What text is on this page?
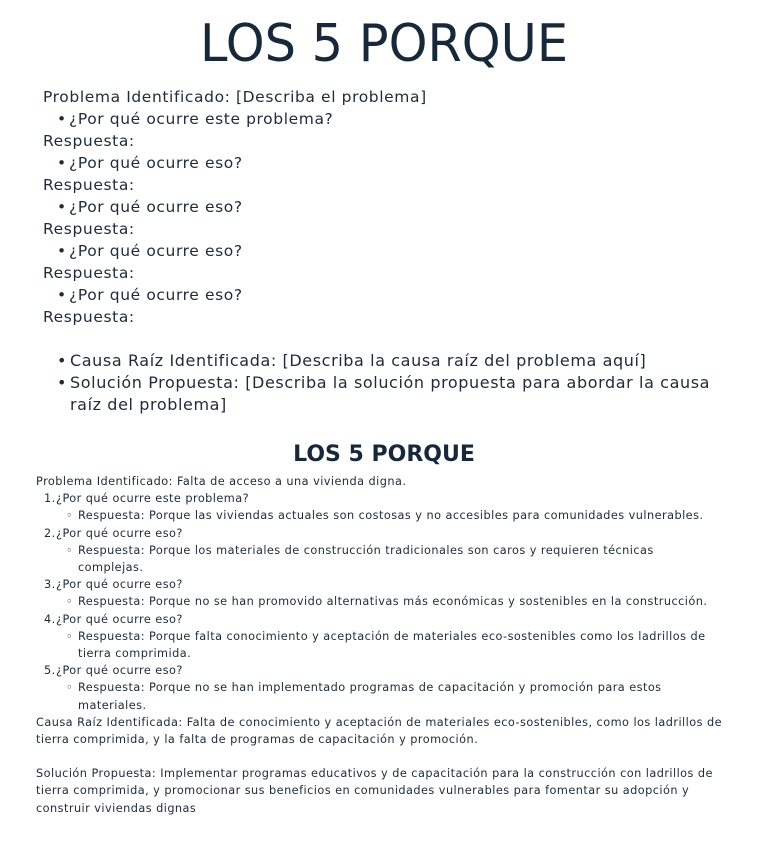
LOS 5 PORQUE
Problema Identificado: [Describa el problema]
• ¿Por qué ocurre este problema?
Respuesta:
• ¿Por qué ocurre eso?
Respuesta:
• ¿Por qué ocurre eso?
Respuesta:
• ¿Por qué ocurre eso?
Respuesta:
• ¿Por qué ocurre eso?
Respuesta:
• Causa Raíz Identificada: [Describa la causa raíz del problema aquí]
• Solución Propuesta: [Describa la solución propuesta para abordar la causa raíz del problema]
LOS 5 PORQUE

Problema Identificado: Falta de acceso a una vivienda digna.

1.¿Por qué ocurre este problema?
◦ Respuesta: Porque las viviendas actuales son costosas y no accesibles para comunidades vulnerables.
2.¿Por qué ocurre eso?
◦ Respuesta: Porque los materiales de construcción tradicionales son caros y requieren técnicas complejas.
3.¿Por qué ocurre eso?
◦ Respuesta: Porque no se han promovido alternativas más económicas y sostenibles en la construcción.
4.¿Por qué ocurre eso?
◦ Respuesta: Porque falta conocimiento y aceptación de materiales eco-sostenibles como los ladrillos de tierra comprimida.
5.¿Por qué ocurre eso?
◦ Respuesta: Porque no se han implementado programas de capacitación y promoción para estos materiales.

Causa Raíz Identificada: Falta de conocimiento y aceptación de materiales eco-sostenibles, como los ladrillos de tierra comprimida, y la falta de programas de capacitación y promoción.

Solución Propuesta: Implementar programas educativos y de capacitación para la construcción con ladrillos de tierra comprimida, y promocionar sus beneficios en comunidades vulnerables para fomentar su adopción y construir viviendas dignas
